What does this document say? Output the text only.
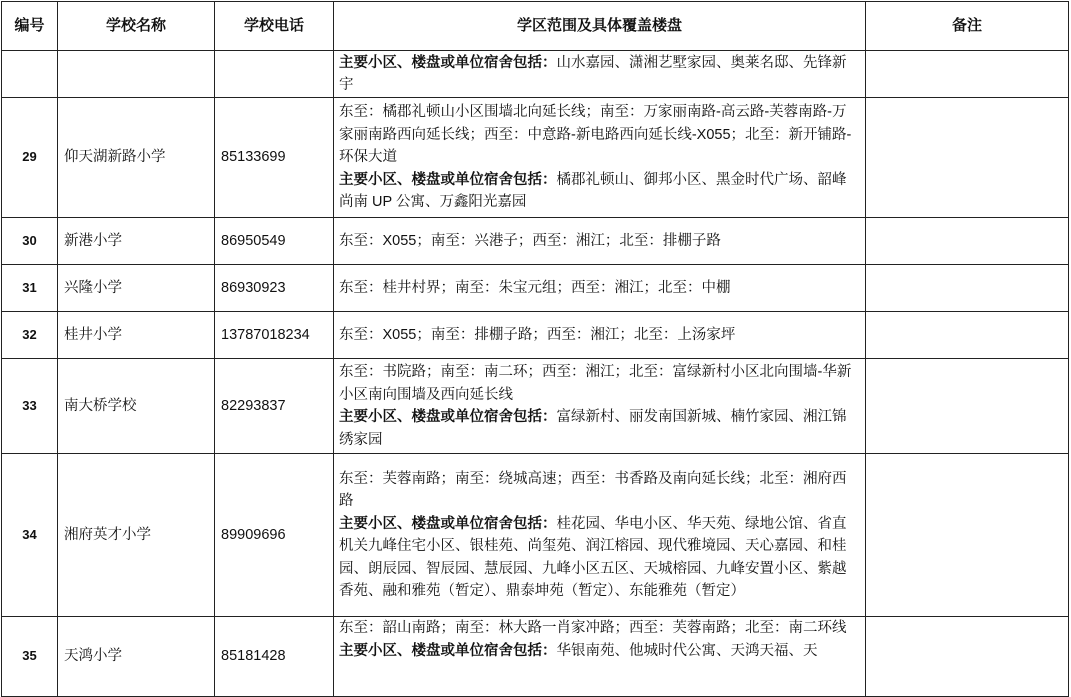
编号	学校名称	学校电话	学区范围及具体覆盖楼盘	备注

			主要小区、楼盘或单位宿舍包括：山水嘉园、潇湘艺墅家园、奥莱名邸、先锋新宇	

29	仰天湖新路小学	85133699	东至：橘郡礼顿山小区围墙北向延长线；南至：万家丽南路-高云路-芙蓉南路-万家丽南路西向延长线；西至：中意路-新电路西向延长线-X055；北至：新开铺路-环保大道

主要小区、楼盘或单位宿舍包括：橘郡礼顿山、御邦小区、黑金时代广场、韶峰尚南 UP 公寓、万鑫阳光嘉园	

30	新港小学	86950549	东至：X055；南至：兴港子；西至：湘江；北至：排棚子路	

31	兴隆小学	86930923	东至：桂井村界；南至：朱宝元组；西至：湘江；北至：中棚	

32	桂井小学	13787018234	东至：X055；南至：排棚子路；西至：湘江；北至：上汤家坪	

33	南大桥学校	82293837	东至：书院路；南至：南二环；西至：湘江；北至：富绿新村小区北向围墙-华新小区南向围墙及西向延长线

主要小区、楼盘或单位宿舍包括：富绿新村、丽发南国新城、楠竹家园、湘江锦绣家园	

34	湘府英才小学	89909696	东至：芙蓉南路；南至：绕城高速；西至：书香路及南向延长线；北至：湘府西路

主要小区、楼盘或单位宿舍包括：桂花园、华电小区、华天苑、绿地公馆、省直机关九峰住宅小区、银桂苑、尚玺苑、润江榕园、现代雅境园、天心嘉园、和桂园、朗辰园、智辰园、慧辰园、九峰小区五区、天城榕园、九峰安置小区、紫越香苑、融和雅苑（暂定）、鼎泰坤苑（暂定）、东能雅苑（暂定）	

35	天鸿小学	85181428	东至：韶山南路；南至：林大路一肖家冲路；西至：芙蓉南路；北至：南二环线

主要小区、楼盘或单位宿舍包括：华银南苑、他城时代公寓、天鸿天福、天	
